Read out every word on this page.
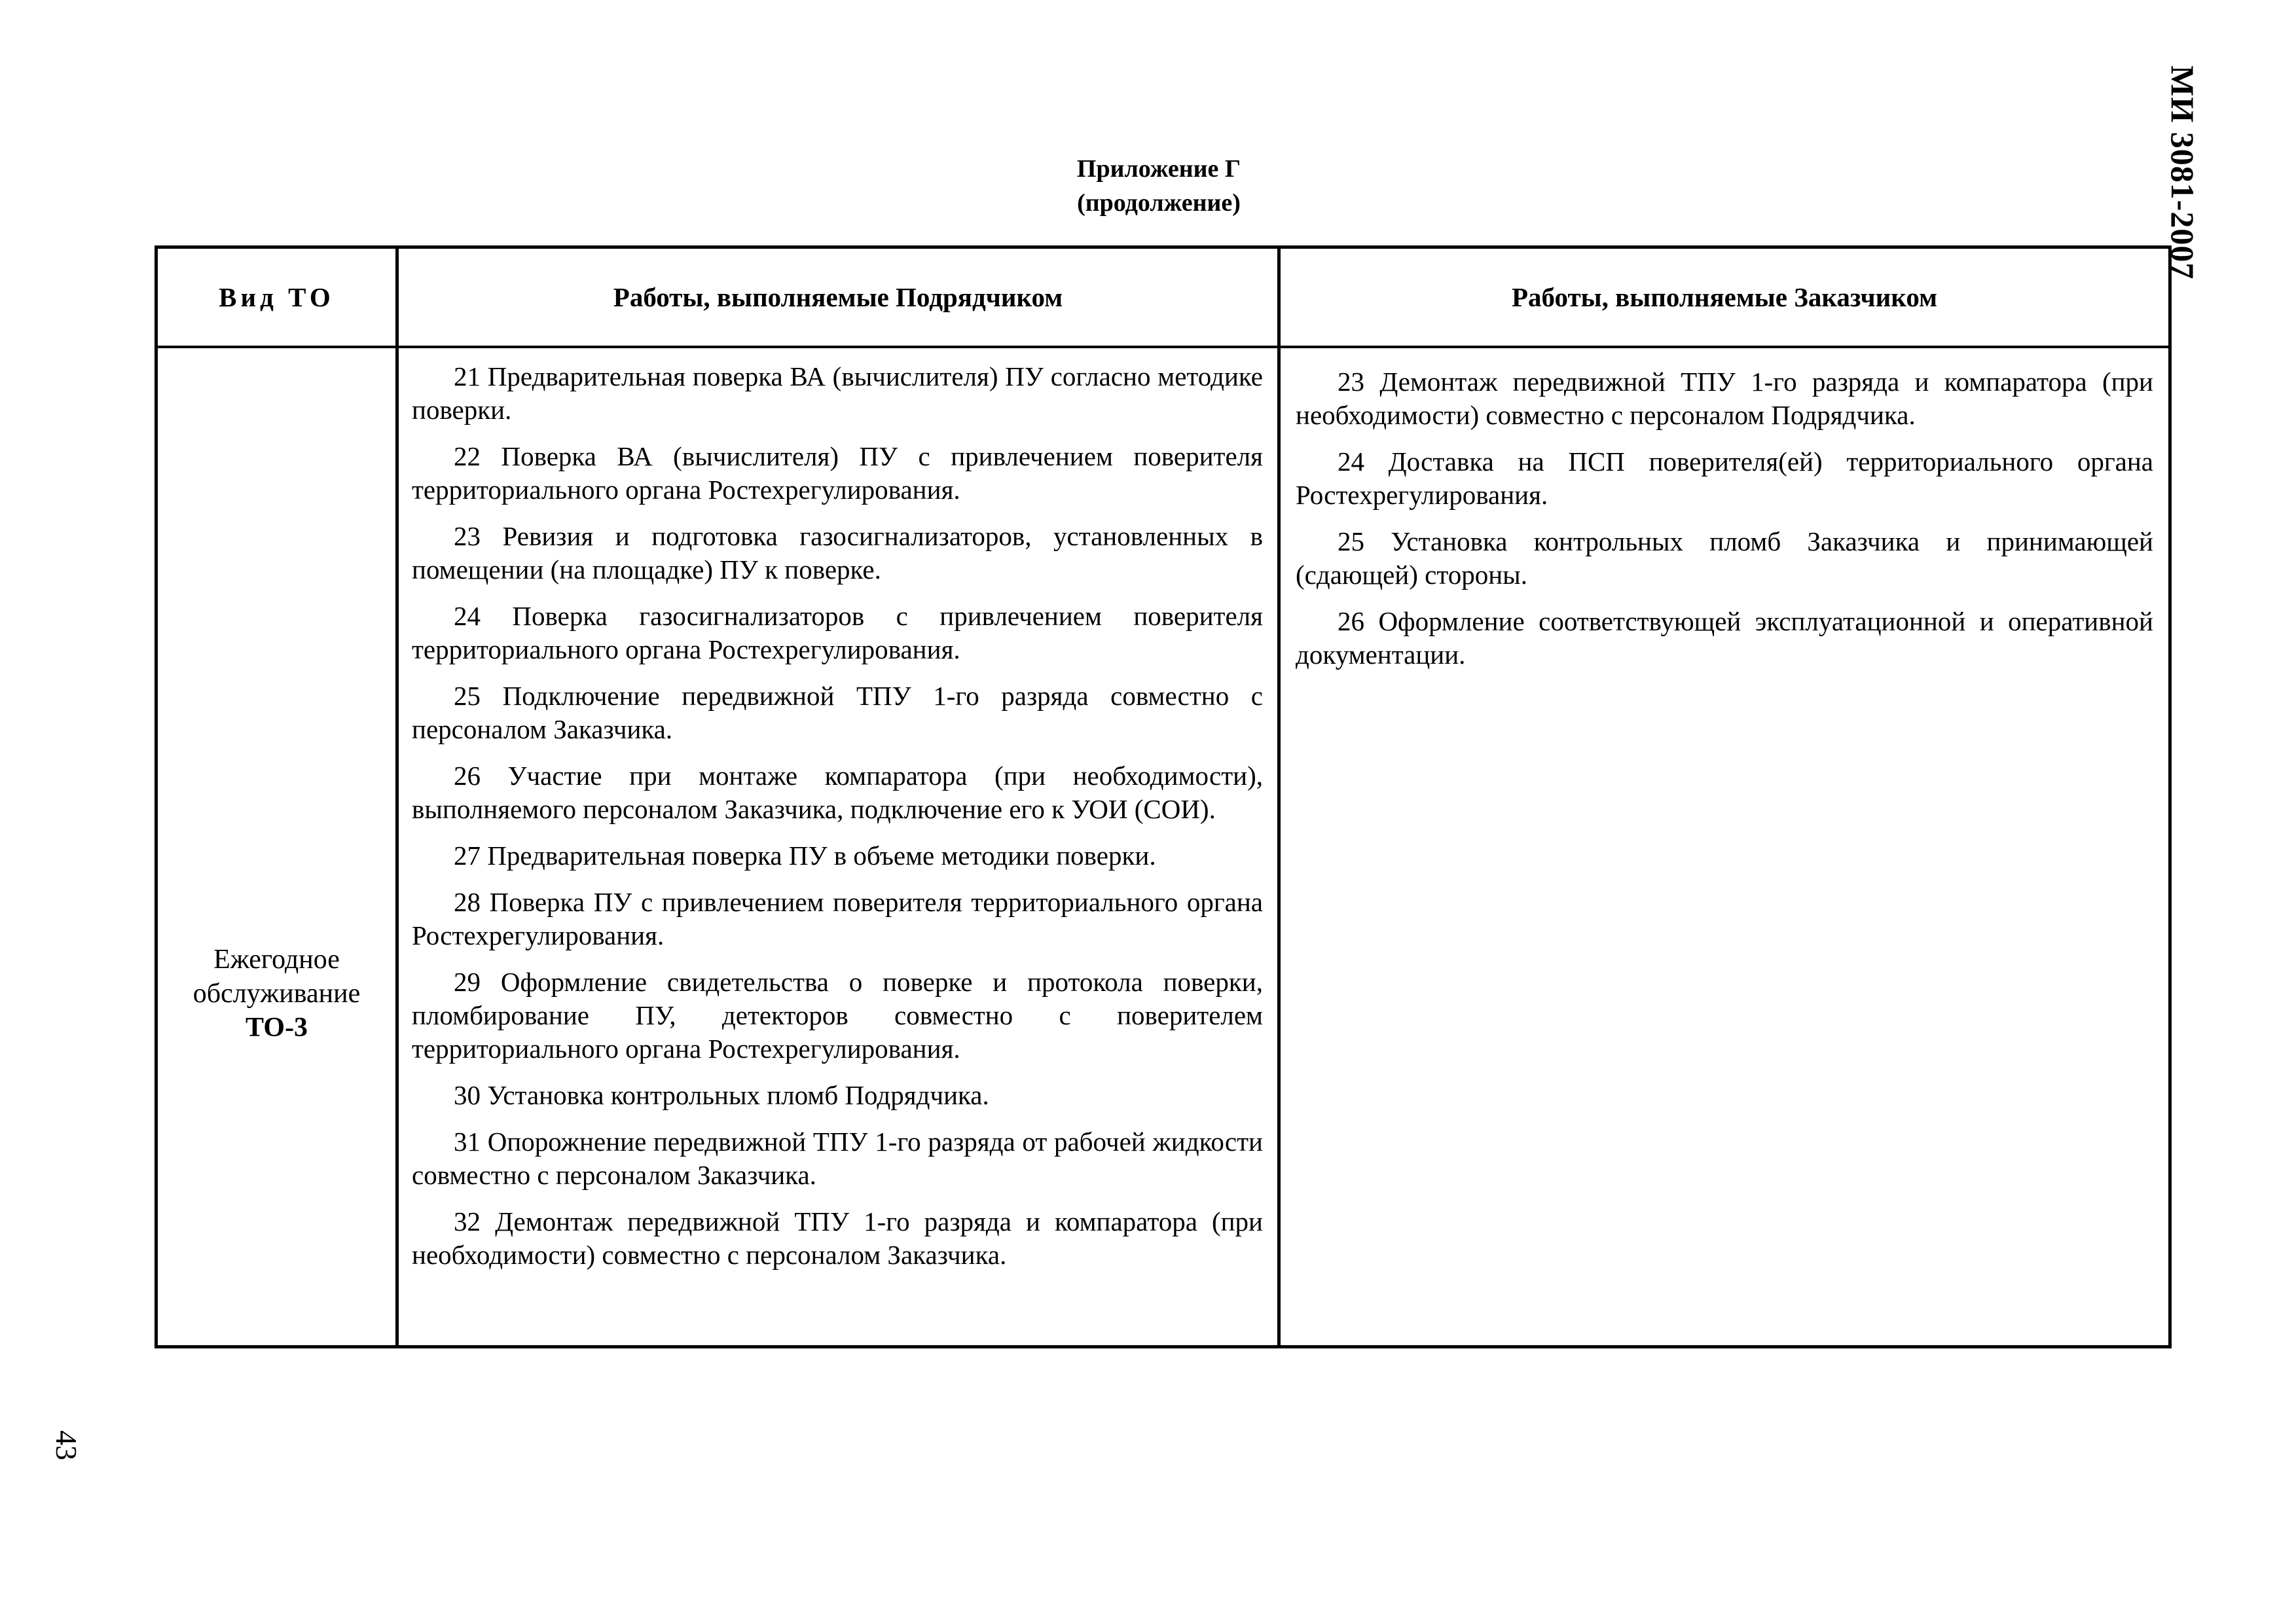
МИ 3081-2007
43
Приложение Г
(продолжение)
Вид ТО	Работы, выполняемые Подрядчиком	Работы, выполняемые Заказчиком
Ежегодное
обслуживание
ТО-3

21 Предварительная поверка ВА (вычислителя) ПУ согласно методике поверки.

22 Поверка ВА (вычислителя) ПУ с привлечением поверителя территориального органа Ростехрегулирования.

23 Ревизия и подготовка газосигнализаторов, установленных в помещении (на площадке) ПУ к поверке.

24 Поверка газосигнализаторов с привлечением поверителя территориального органа Ростехрегулирования.

25 Подключение передвижной ТПУ 1-го разряда совместно с персоналом Заказчика.

26 Участие при монтаже компаратора (при необходимости), выполняемого персоналом Заказчика, подключение его к УОИ (СОИ).

27 Предварительная поверка ПУ в объеме методики поверки.

28 Поверка ПУ с привлечением поверителя территориального органа Ростехрегулирования.

29 Оформление свидетельства о поверке и протокола поверки, пломбирование ПУ, детекторов совместно с поверителем территориального органа Ростехрегулирования.

30 Установка контрольных пломб Подрядчика.

31 Опорожнение передвижной ТПУ 1-го разряда от рабочей жидкости совместно с персоналом Заказчика.

32 Демонтаж передвижной ТПУ 1-го разряда и компаратора (при необходимости) совместно с персоналом Заказчика.

23 Демонтаж передвижной ТПУ 1-го разряда и компаратора (при необходимости) совместно с персоналом Подрядчика.

24 Доставка на ПСП поверителя(ей) территориального органа Ростехрегулирования.

25 Установка контрольных пломб Заказчика и принимающей (сдающей) стороны.

26 Оформление соответствующей эксплуатационной и оперативной документации.
